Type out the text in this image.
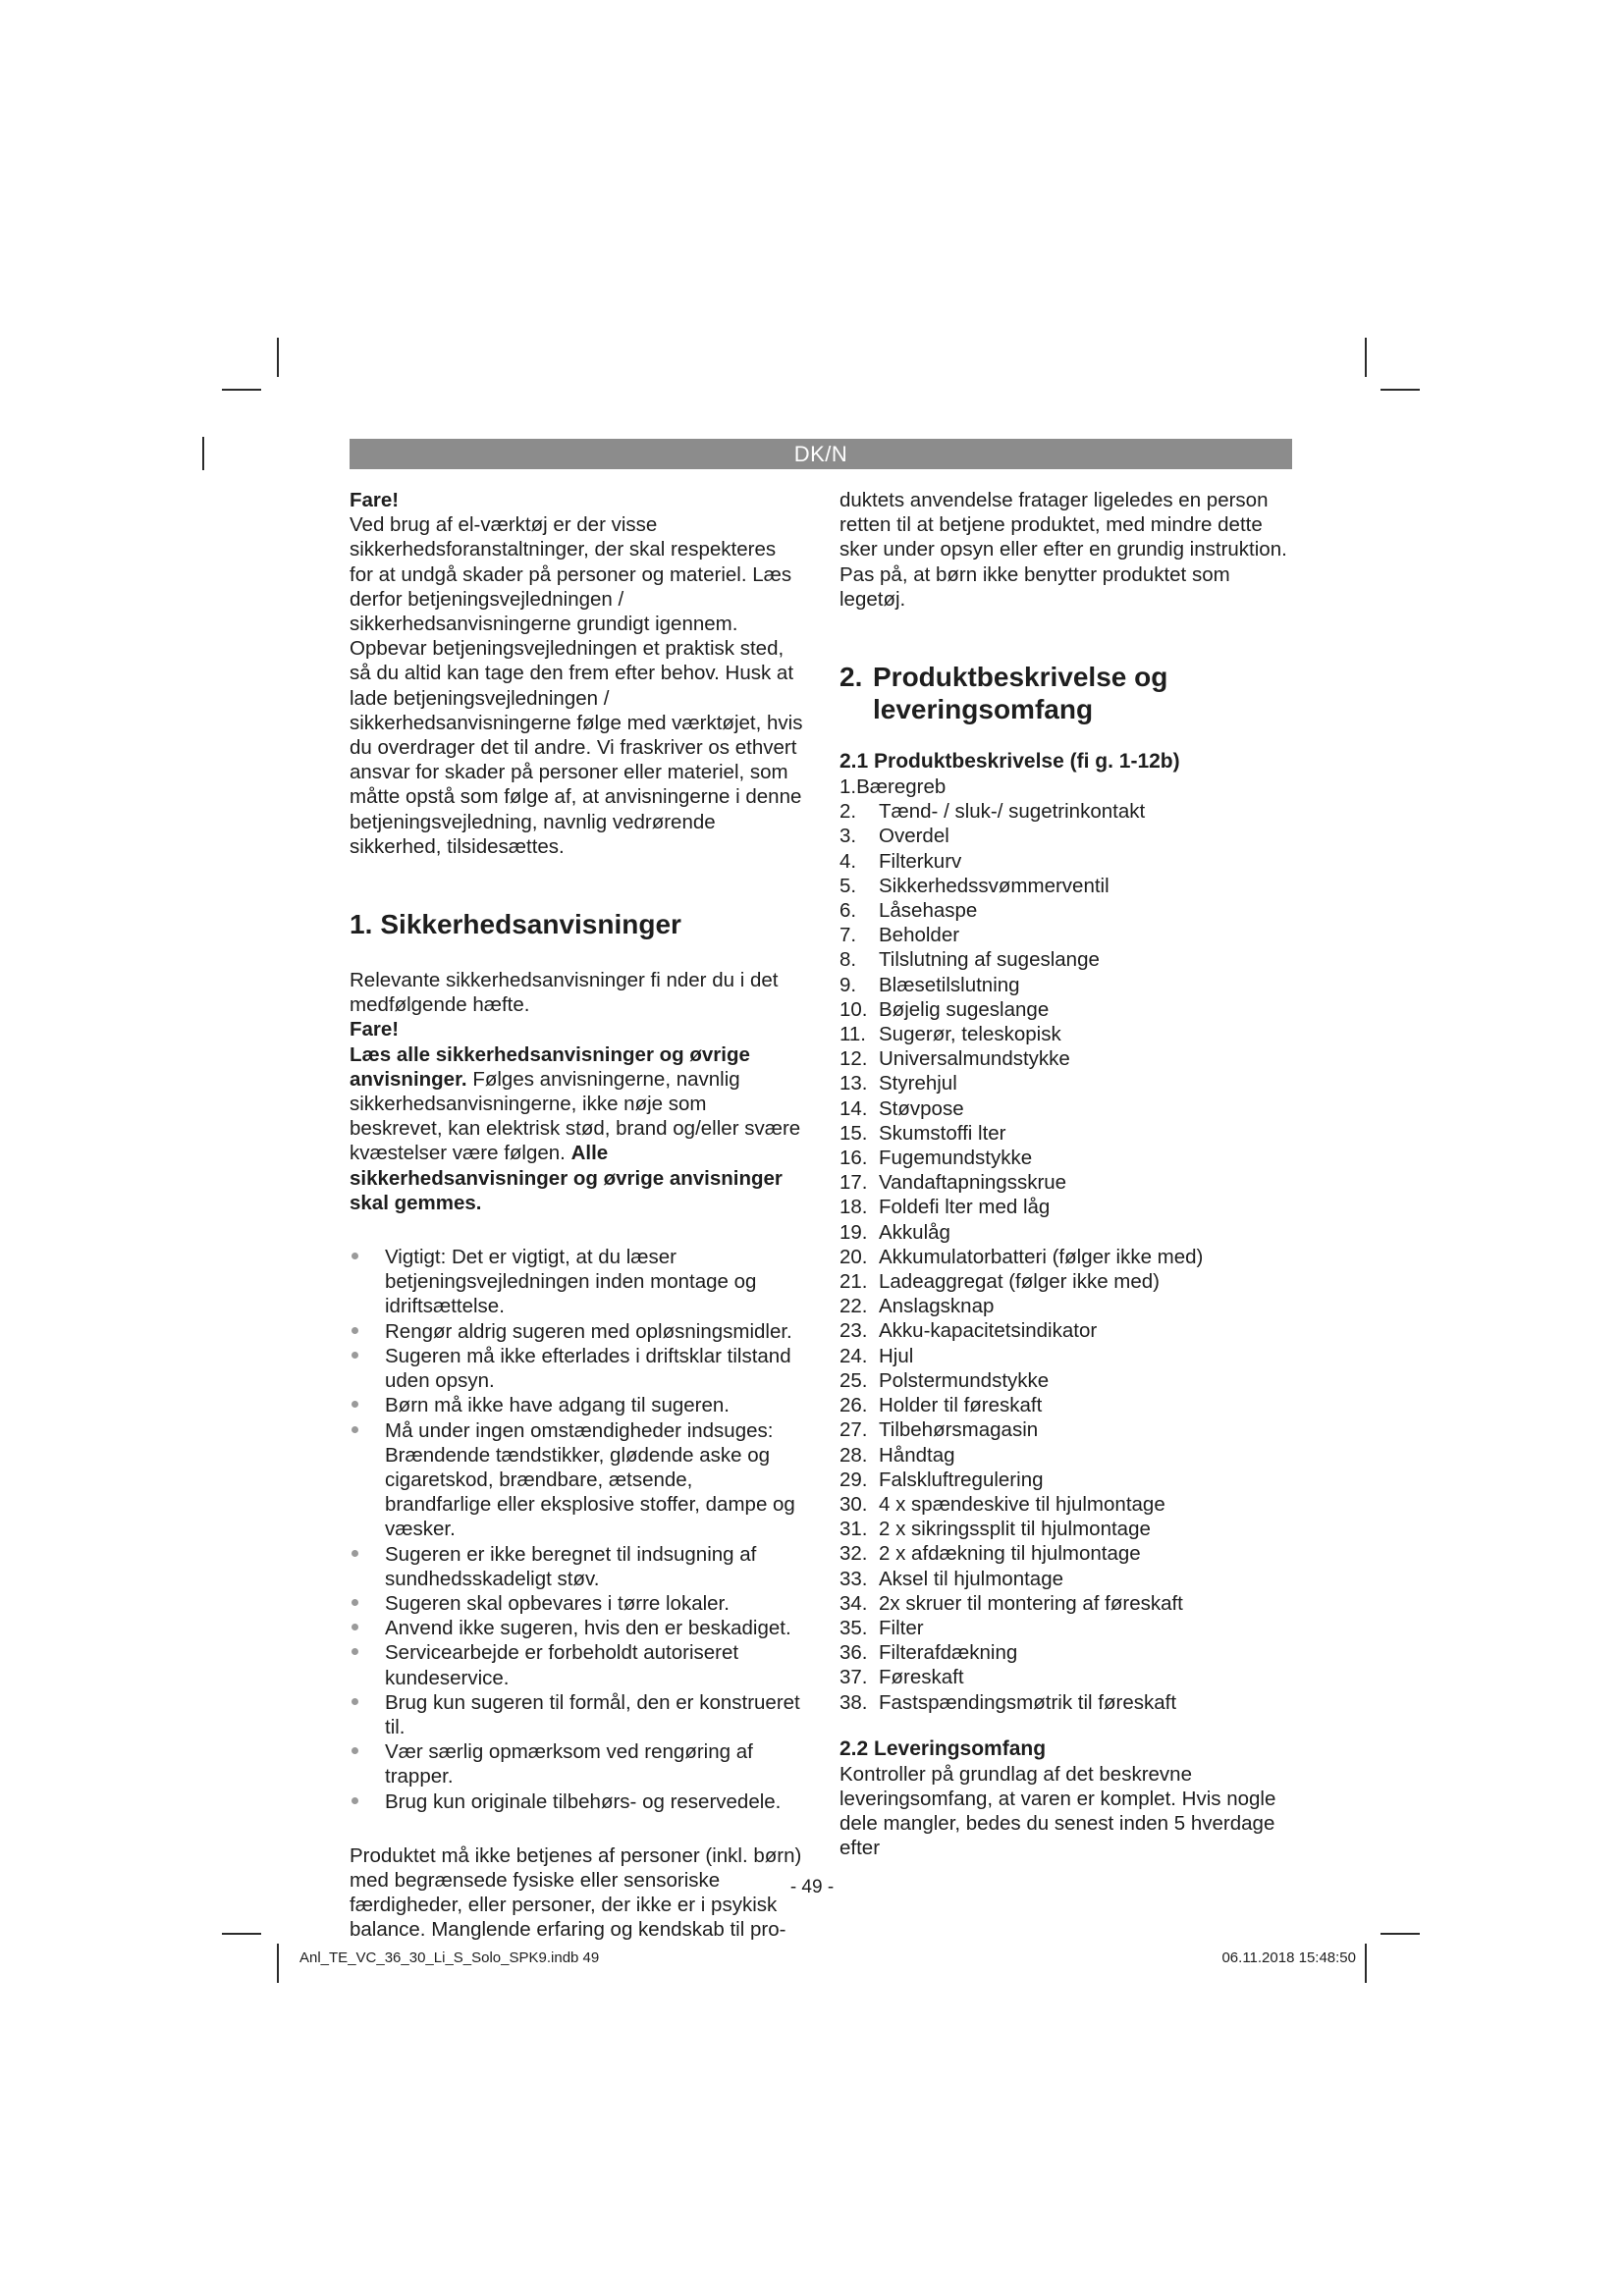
DK/N

Fare!

Ved brug af el-værktøj er der visse sikkerhedsforanstaltninger, der skal respekteres for at undgå skader på personer og materiel. Læs derfor betjeningsvejledningen / sikkerhedsanvisningerne grundigt igennem. Opbevar betjeningsvejledningen et praktisk sted, så du altid kan tage den frem efter behov. Husk at lade betjeningsvejledningen / sikkerhedsanvisningerne følge med værktøjet, hvis du overdrager det til andre. Vi fraskriver os ethvert ansvar for skader på personer eller materiel, som måtte opstå som følge af, at anvisningerne i denne betjeningsvejledning, navnlig vedrørende sikkerhed, tilsidesættes.

1. Sikkerhedsanvisninger

Relevante sikkerhedsanvisninger fi nder du i det medfølgende hæfte.

Fare!

Læs alle sikkerhedsanvisninger og øvrige anvisninger. Følges anvisningerne, navnlig sikkerhedsanvisningerne, ikke nøje som beskrevet, kan elektrisk stød, brand og/eller svære kvæstelser være følgen. Alle sikkerhedsanvisninger og øvrige anvisninger skal gemmes.

Vigtigt: Det er vigtigt, at du læser betjeningsvejledningen inden montage og idriftsættelse.
Rengør aldrig sugeren med opløsningsmidler.
Sugeren må ikke efterlades i driftsklar tilstand uden opsyn.
Børn må ikke have adgang til sugeren.
Må under ingen omstændigheder indsuges: Brændende tændstikker, glødende aske og cigaretskod, brændbare, ætsende, brandfarlige eller eksplosive stoffer, dampe og væsker.
Sugeren er ikke beregnet til indsugning af sundhedsskadeligt støv.
Sugeren skal opbevares i tørre lokaler.
Anvend ikke sugeren, hvis den er beskadiget.
Servicearbejde er forbeholdt autoriseret kundeservice.
Brug kun sugeren til formål, den er konstrueret til.
Vær særlig opmærksom ved rengøring af trapper.
Brug kun originale tilbehørs- og reservedele.

Produktet må ikke betjenes af personer (inkl. børn) med begrænsede fysiske eller sensoriske færdigheder, eller personer, der ikke er i psykisk balance. Manglende erfaring og kendskab til pro-

duktets anvendelse fratager ligeledes en person retten til at betjene produktet, med mindre dette sker under opsyn eller efter en grundig instruktion. Pas på, at børn ikke benytter produktet som legetøj.

2. Produktbeskrivelse og leveringsomfang

2.1 Produktbeskrivelse (fi g. 1-12b)

1.Bæregreb

2.	Tænd- / sluk-/ sugetrinkontakt
3.	Overdel
4.	Filterkurv
5.	Sikkerhedssvømmerventil
6.	Låsehaspe
7.	Beholder
8.	Tilslutning af sugeslange
9.	Blæsetilslutning
10. Bøjelig sugeslange
11. Sugerør, teleskopisk
12. Universalmundstykke
13. Styrehjul
14. Støvpose
15. Skumstoffi lter
16. Fugemundstykke
17. Vandaftapningsskrue
18. Foldefi lter med låg
19. Akkulåg
20. Akkumulatorbatteri (følger ikke med)
21. Ladeaggregat (følger ikke med)
22. Anslagsknap
23. Akku-kapacitetsindikator
24. Hjul
25. Polstermundstykke
26. Holder til føreskaft
27. Tilbehørsmagasin
28. Håndtag
29. Falskluftregulering
30. 4 x spændeskive til hjulmontage
31. 2 x sikringssplit til hjulmontage
32. 2 x afdækning til hjulmontage
33. Aksel til hjulmontage
34. 2x skruer til montering af føreskaft
35. Filter
36. Filterafdækning
37. Føreskaft
38. Fastspændingsmøtrik til føreskaft

2.2 Leveringsomfang

Kontroller på grundlag af det beskrevne leveringsomfang, at varen er komplet. Hvis nogle dele mangler, bedes du senest inden 5 hverdage efter

- 49 -
Anl_TE_VC_36_30_Li_S_Solo_SPK9.indb 49	06.11.2018 15:48:50
